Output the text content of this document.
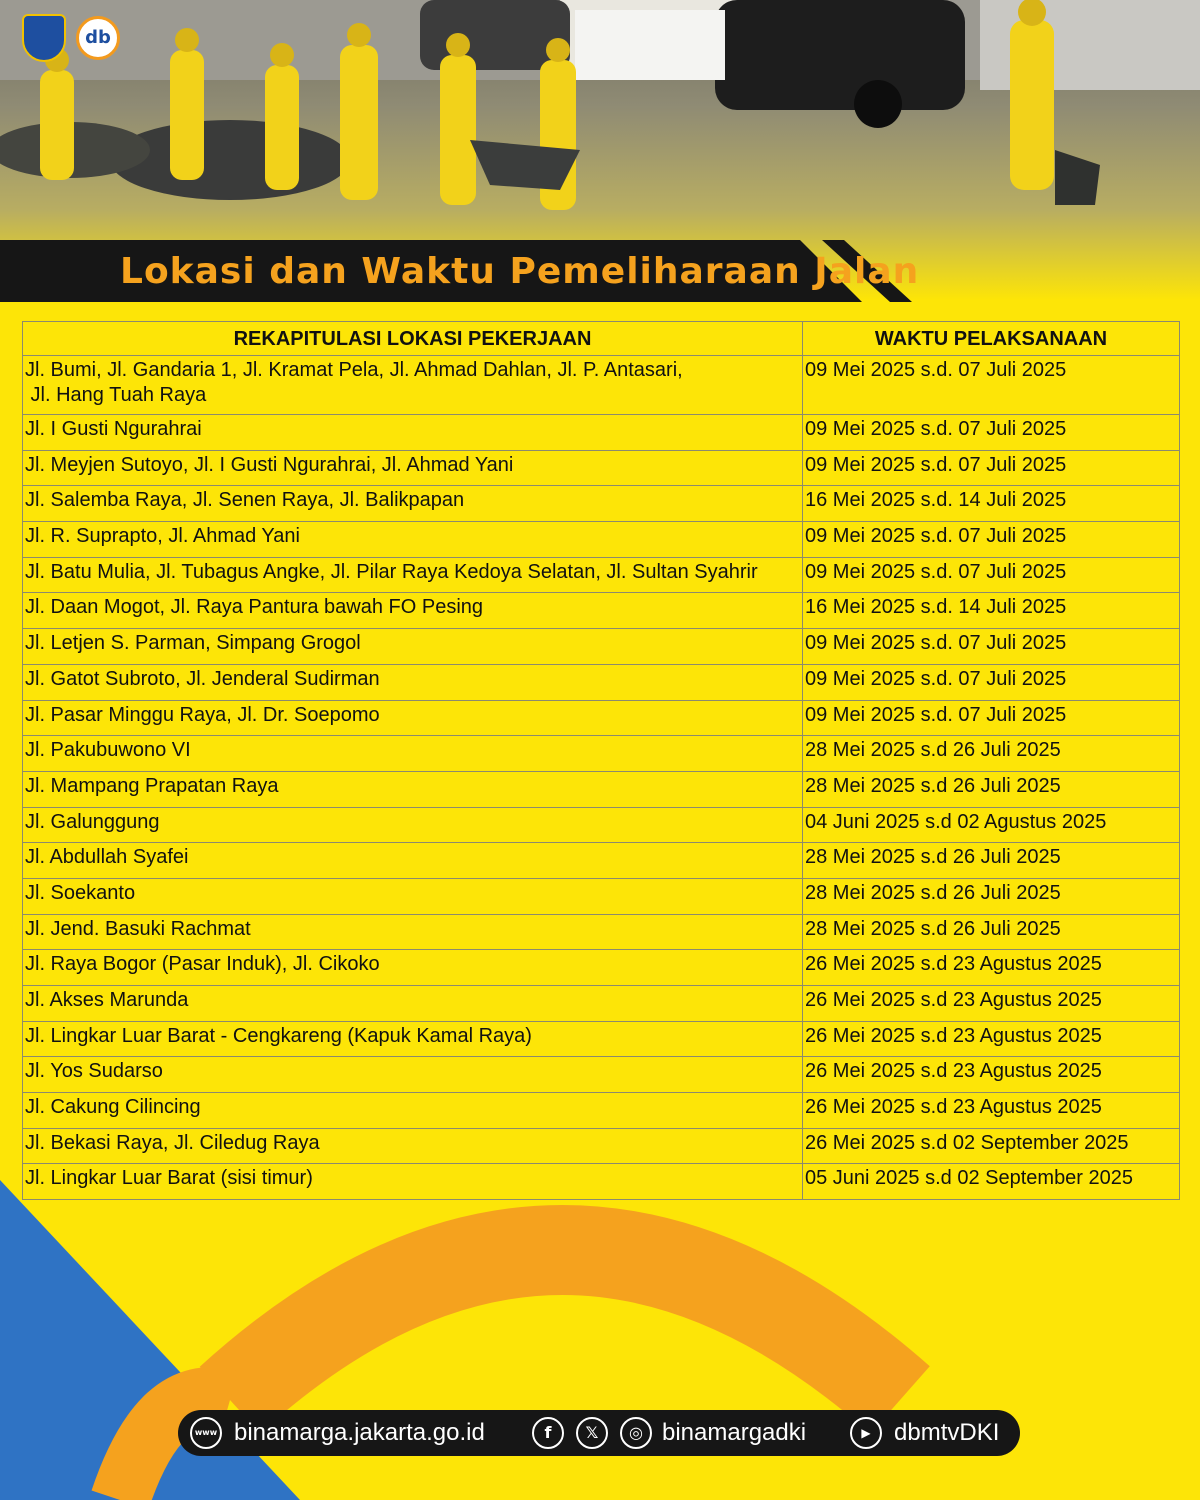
db
Lokasi dan Waktu Pemeliharaan Jalan
REKAPITULASI LOKASI PEKERJAAN	WAKTU PELAKSANAAN

Jl. Bumi, Jl. Gandaria 1, Jl. Kramat Pela, Jl. Ahmad Dahlan, Jl. P. Antasari,
Jl. Hang Tuah Raya	09 Mei 2025 s.d. 07 Juli 2025

Jl. I Gusti Ngurahrai	09 Mei 2025 s.d. 07 Juli 2025

Jl. Meyjen Sutoyo, Jl. I Gusti Ngurahrai, Jl. Ahmad Yani	09 Mei 2025 s.d. 07 Juli 2025

Jl. Salemba Raya, Jl. Senen Raya, Jl. Balikpapan	16 Mei 2025 s.d. 14 Juli 2025

Jl. R. Suprapto, Jl. Ahmad Yani	09 Mei 2025 s.d. 07 Juli 2025

Jl. Batu Mulia, Jl. Tubagus Angke, Jl. Pilar Raya Kedoya Selatan, Jl. Sultan Syahrir	09 Mei 2025 s.d. 07 Juli 2025

Jl. Daan Mogot, Jl. Raya Pantura bawah FO Pesing	16 Mei 2025 s.d. 14 Juli 2025

Jl. Letjen S. Parman, Simpang Grogol	09 Mei 2025 s.d. 07 Juli 2025

Jl. Gatot Subroto, Jl. Jenderal Sudirman	09 Mei 2025 s.d. 07 Juli 2025

Jl. Pasar Minggu Raya, Jl. Dr. Soepomo	09 Mei 2025 s.d. 07 Juli 2025

Jl. Pakubuwono VI	28 Mei 2025 s.d 26 Juli 2025

Jl. Mampang Prapatan Raya	28 Mei 2025 s.d 26 Juli 2025

Jl. Galunggung	04 Juni 2025 s.d 02 Agustus 2025

Jl. Abdullah Syafei	28 Mei 2025 s.d 26 Juli 2025

Jl. Soekanto	28 Mei 2025 s.d 26 Juli 2025

Jl. Jend. Basuki Rachmat	28 Mei 2025 s.d 26 Juli 2025

Jl. Raya Bogor (Pasar Induk), Jl. Cikoko	26 Mei 2025 s.d 23 Agustus 2025

Jl. Akses Marunda	26 Mei 2025 s.d 23 Agustus 2025

Jl. Lingkar Luar Barat - Cengkareng (Kapuk Kamal Raya)	26 Mei 2025 s.d 23 Agustus 2025

Jl. Yos Sudarso	26 Mei 2025 s.d 23 Agustus 2025

Jl. Cakung Cilincing	26 Mei 2025 s.d 23 Agustus 2025

Jl. Bekasi Raya, Jl. Ciledug Raya	26 Mei 2025 s.d 02 September 2025

Jl. Lingkar Luar Barat (sisi timur)	05 Juni 2025 s.d 02 September 2025
www binamarga.jakarta.go.id	f	𝕏	◎ binamargadki	▶ dbmtvDKI
